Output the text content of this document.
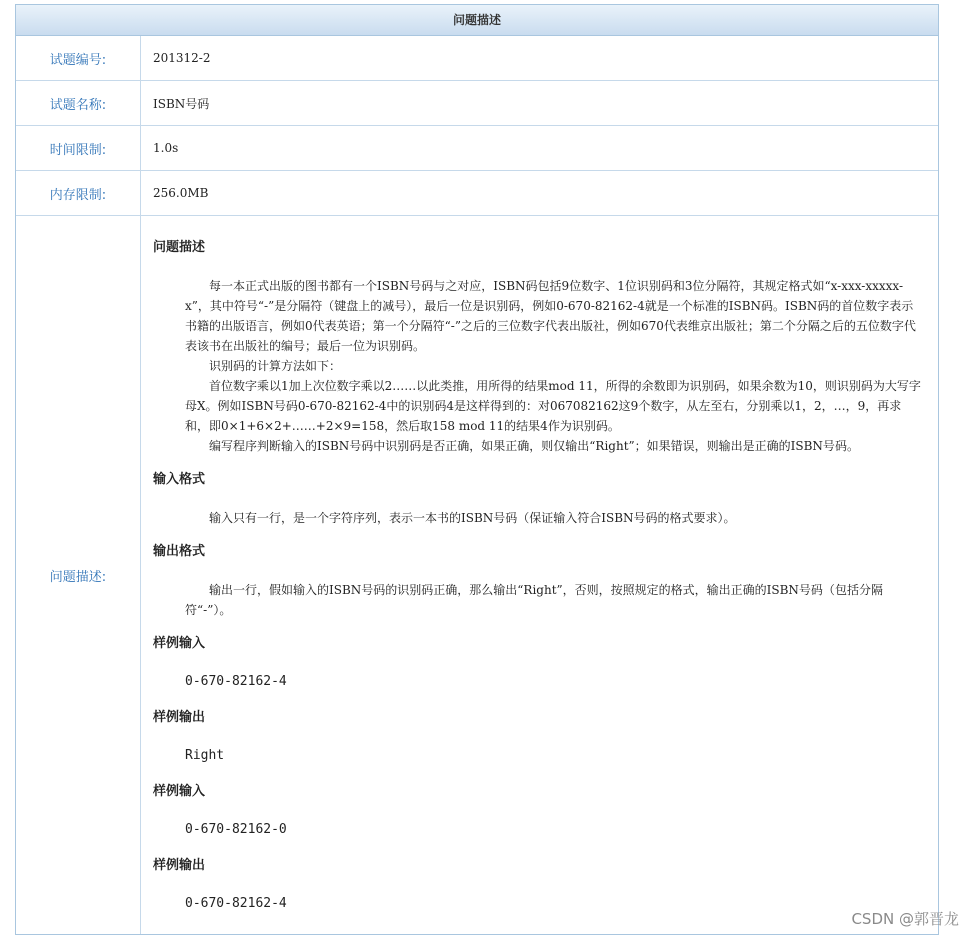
问题描述
试题编号:	201312-2
试题名称:	ISBN号码
时间限制:	1.0s
内存限制:	256.0MB
问题描述:
问题描述

每一本正式出版的图书都有一个ISBN号码与之对应，ISBN码包括9位数字、1位识别码和3位分隔符，其规定格式如“x-xxx-xxxxx-x”，其中符号“-”是分隔符（键盘上的减号），最后一位是识别码，例如0-670-82162-4就是一个标准的ISBN码。ISBN码的首位数字表示书籍的出版语言，例如0代表英语；第一个分隔符“-”之后的三位数字代表出版社，例如670代表维京出版社；第二个分隔之后的五位数字代表该书在出版社的编号；最后一位为识别码。

识别码的计算方法如下：

首位数字乘以1加上次位数字乘以2……以此类推，用所得的结果mod 11，所得的余数即为识别码，如果余数为10，则识别码为大写字母X。例如ISBN号码0-670-82162-4中的识别码4是这样得到的：对067082162这9个数字，从左至右，分别乘以1，2，…，9，再求和，即0×1+6×2+……+2×9=158，然后取158 mod 11的结果4作为识别码。

编写程序判断输入的ISBN号码中识别码是否正确，如果正确，则仅输出“Right”；如果错误，则输出是正确的ISBN号码。

输入格式

输入只有一行，是一个字符序列，表示一本书的ISBN号码（保证输入符合ISBN号码的格式要求）。

输出格式

输出一行，假如输入的ISBN号码的识别码正确，那么输出“Right”，否则，按照规定的格式，输出正确的ISBN号码（包括分隔符“-”）。

样例输入
0-670-82162-4
样例输出
Right
样例输入
0-670-82162-0
样例输出
0-670-82162-4
CSDN @郭晋龙
